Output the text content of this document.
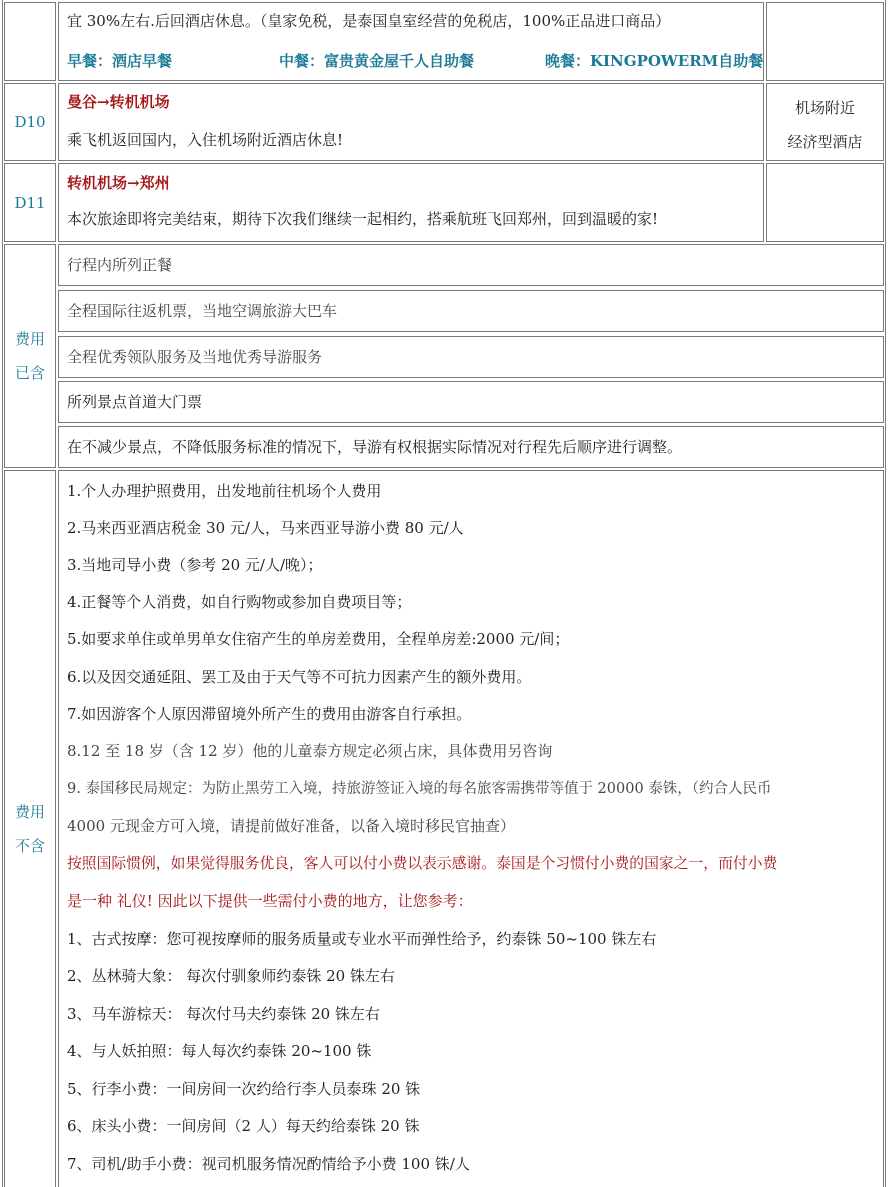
宜 30%左右.后回酒店休息。（皇家免税，是泰国皇室经营的免税店，100%正品进口商品）
早餐：酒店早餐	中餐：富贵黄金屋千人自助餐	晚餐：KINGPOWERM自助餐
D10
曼谷→转机机场
乘飞机返回国内，入住机场附近酒店休息!
机场附近
经济型酒店
D11
转机机场→郑州
本次旅途即将完美结束，期待下次我们继续一起相约，搭乘航班飞回郑州，回到温暖的家!
费用
已含
行程内所列正餐
全程国际往返机票，当地空调旅游大巴车
全程优秀领队服务及当地优秀导游服务
所列景点首道大门票
在不减少景点，不降低服务标准的情况下，导游有权根据实际情况对行程先后顺序进行调整。
费用
不含
1.个人办理护照费用，出发地前往机场个人费用
2.马来西亚酒店税金 30 元/人，马来西亚导游小费 80 元/人
3.当地司导小费（参考 20 元/人/晚）；
4.正餐等个人消费，如自行购物或参加自费项目等；
5.如要求单住或单男单女住宿产生的单房差费用，全程单房差:2000 元/间；
6.以及因交通延阻、罢工及由于天气等不可抗力因素产生的额外费用。
7.如因游客个人原因滞留境外所产生的费用由游客自行承担。
8.12 至 18 岁（含 12 岁）他的儿童泰方规定必须占床，具体费用另咨询
9. 泰国移民局规定：为防止黑劳工入境，持旅游签证入境的每名旅客需携带等值于 20000 泰铢，（约合人民币
4000 元现金方可入境，请提前做好准备，以备入境时移民官抽查）
按照国际惯例，如果觉得服务优良，客人可以付小费以表示感谢。泰国是个习惯付小费的国家之一，而付小费
是一种 礼仪! 因此以下提供一些需付小费的地方，让您参考：
1、古式按摩：您可视按摩师的服务质量或专业水平而弹性给予，约泰铢 50~100 铢左右
2、丛林骑大象： 每次付驯象师约泰铢 20 铢左右
3、马车游棕天： 每次付马夫约泰铢 20 铢左右
4、与人妖拍照：每人每次约泰铢 20~100 铢
5、行李小费：一间房间一次约给行李人员泰珠 20 铢
6、床头小费：一间房间（2 人）每天约给泰铢 20 铢
7、司机/助手小费：视司机服务情况酌情给予小费 100 铢/人
